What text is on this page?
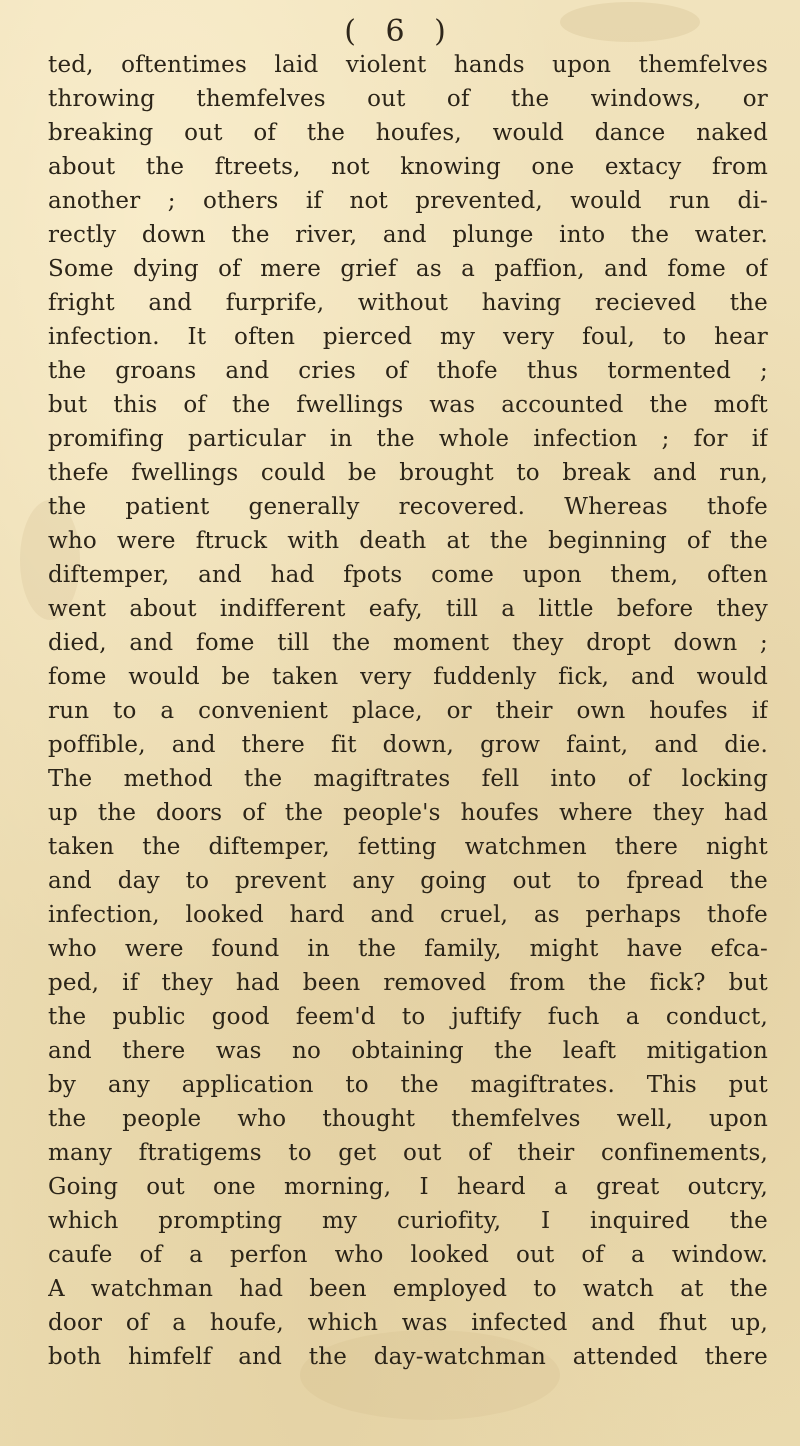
( 6 )
ted, oftentimes laid violent hands upon themfelves
throwing themfelves out of the windows, or
breaking out of the houfes, would dance naked
about the ftreets, not knowing one extacy from
another ; others if not prevented, would run di-
rectly down the river, and plunge into the water.
Some dying of mere grief as a paffion, and fome of
fright and furprife, without having recieved the
infection. It often pierced my very foul, to hear
the groans and cries of thofe thus tormented ;
but this of the fwellings was accounted the moft
promifing particular in the whole infection ; for if
thefe fwellings could be brought to break and run,
the patient generally recovered. Whereas thofe
who were ftruck with death at the beginning of the
diftemper, and had fpots come upon them, often
went about indifferent eafy, till a little before they
died, and fome till the moment they dropt down ;
fome would be taken very fuddenly fick, and would
run to a convenient place, or their own houfes if
poffible, and there fit down, grow faint, and die.
The method the magiftrates fell into of locking
up the doors of the people's houfes where they had
taken the diftemper, fetting watchmen there night
and day to prevent any going out to fpread the
infection, looked hard and cruel, as perhaps thofe
who were found in the family, might have efca-
ped, if they had been removed from the fick? but
the public good feem'd to juftify fuch a conduct,
and there was no obtaining the leaft mitigation
by any application to the magiftrates. This put
the people who thought themfelves well, upon
many ftratigems to get out of their confinements,
Going out one morning, I heard a great outcry,
which prompting my curiofity, I inquired the
caufe of a perfon who looked out of a window.
A watchman had been employed to watch at the
door of a houfe, which was infected and fhut up,
both himfelf and the day-watchman attended there
